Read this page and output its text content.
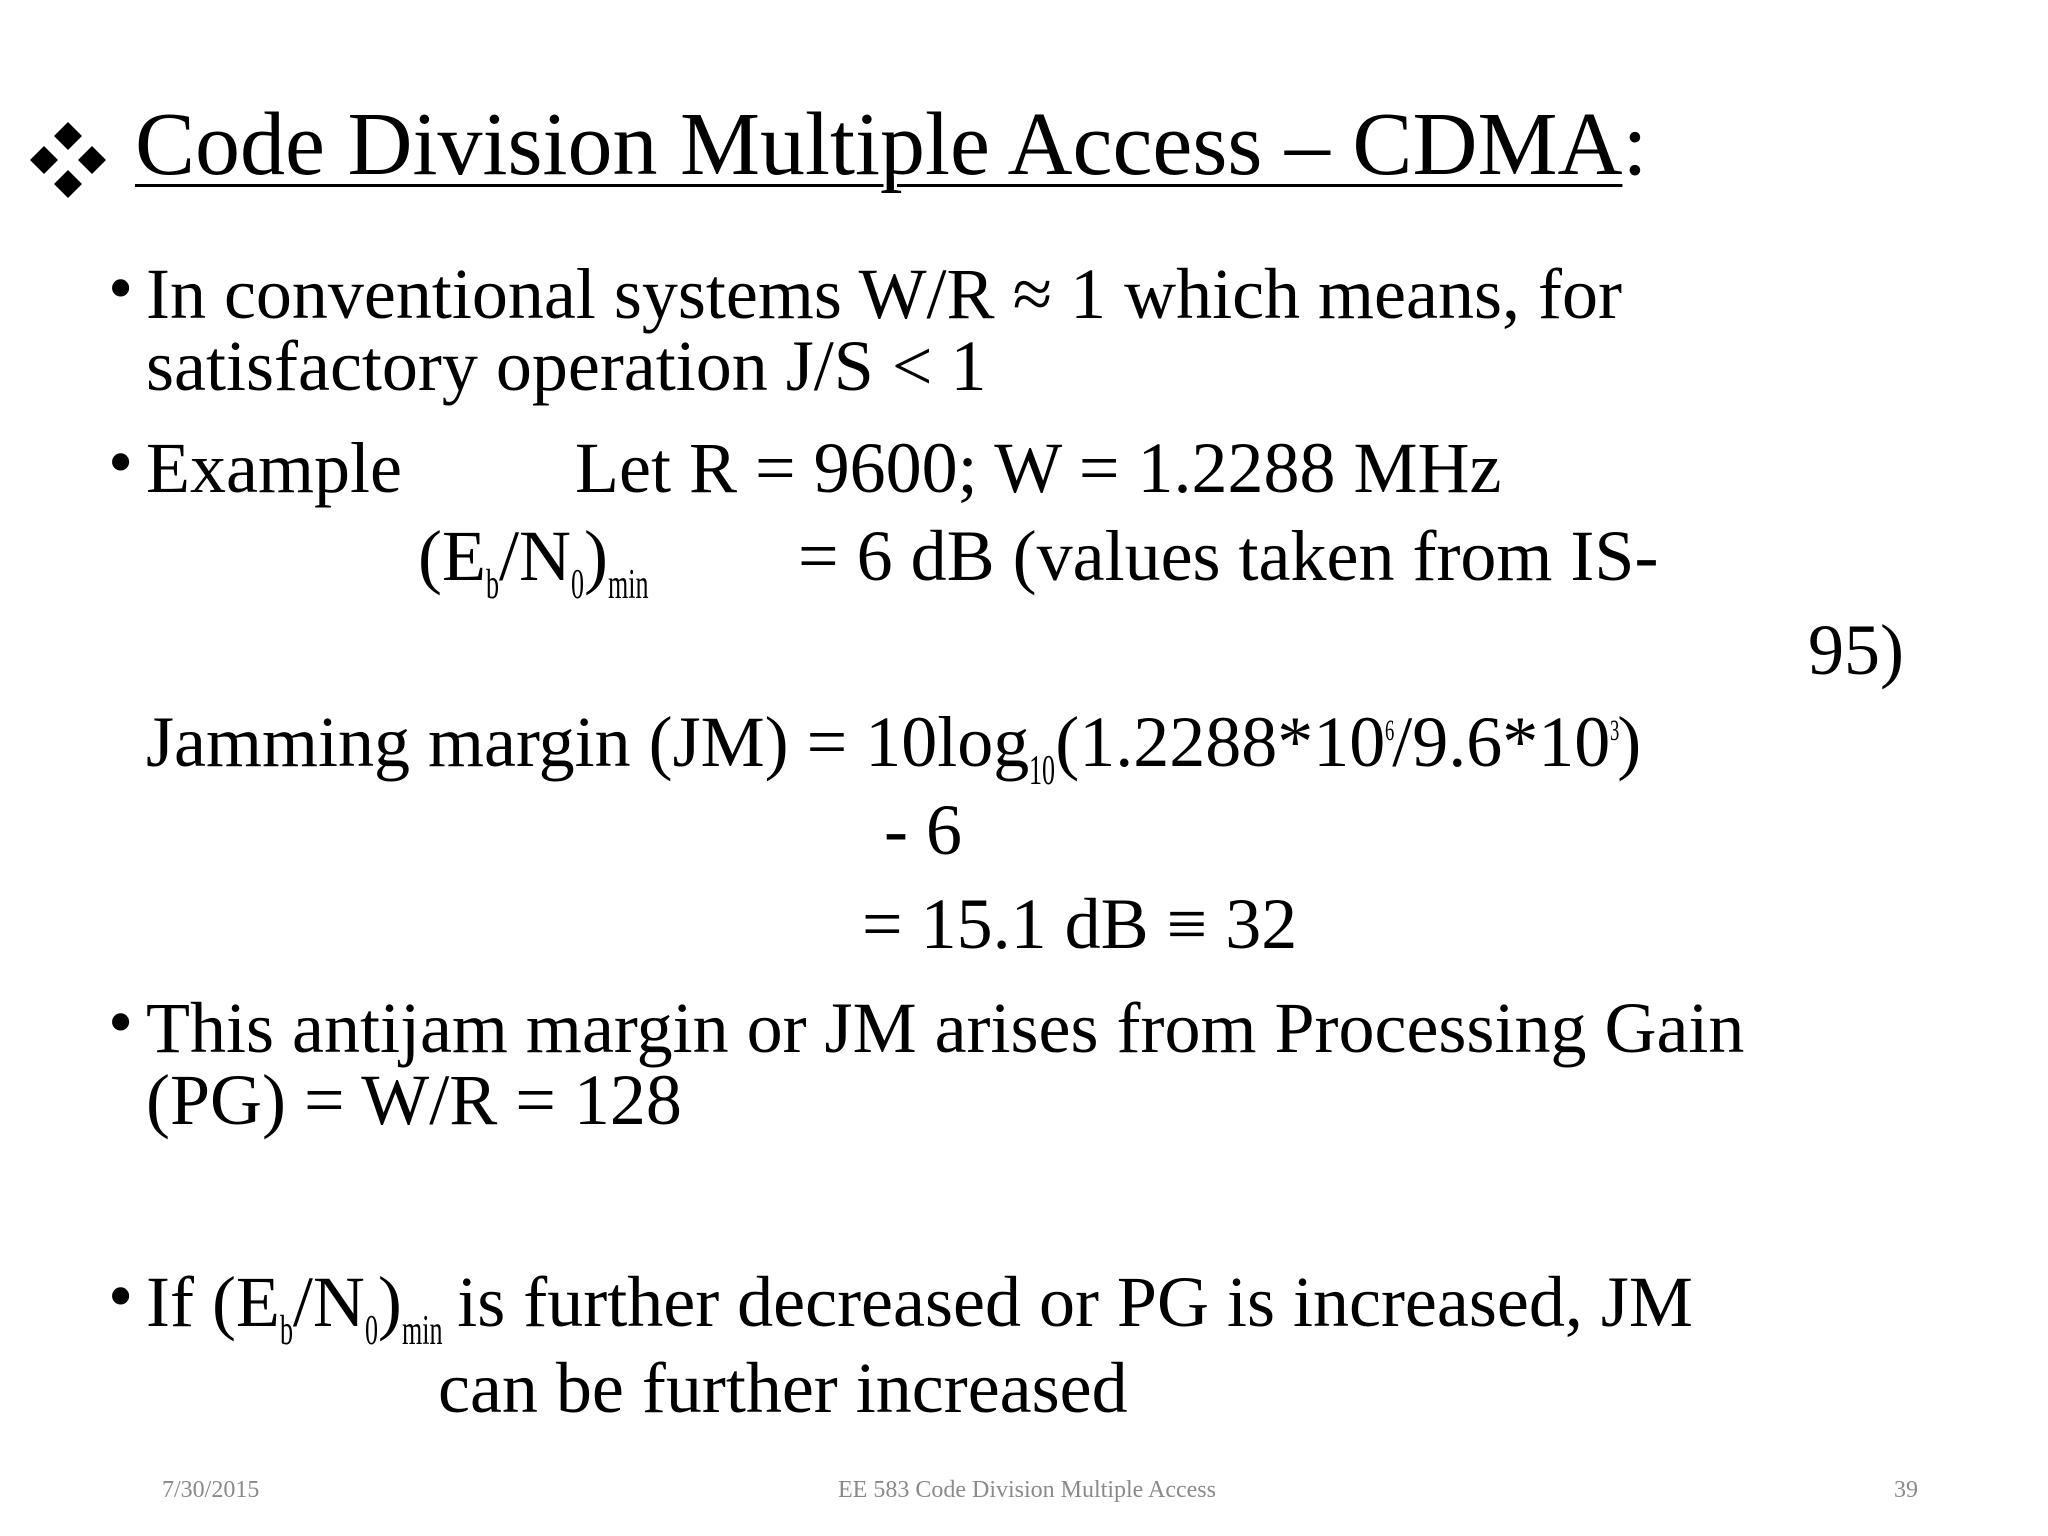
Code Division Multiple Access – CDMA:
• In conventional systems W/R ≈ 1 which means, for
satisfactory operation J/S < 1
• Example Let R = 9600; W = 1.2288 MHz
(Eb/N0)min	= 6 dB (values taken from IS-
95)
Jamming margin (JM) = 10log10(1.2288*106/9.6*103)
- 6
= 15.1 dB ≡ 32
• This antijam margin or JM arises from Processing Gain
(PG) = W/R = 128
• If (Eb/N0)min is further decreased or PG is increased, JM
can be further increased
7/30/2015	EE 583 Code Division Multiple Access	39
